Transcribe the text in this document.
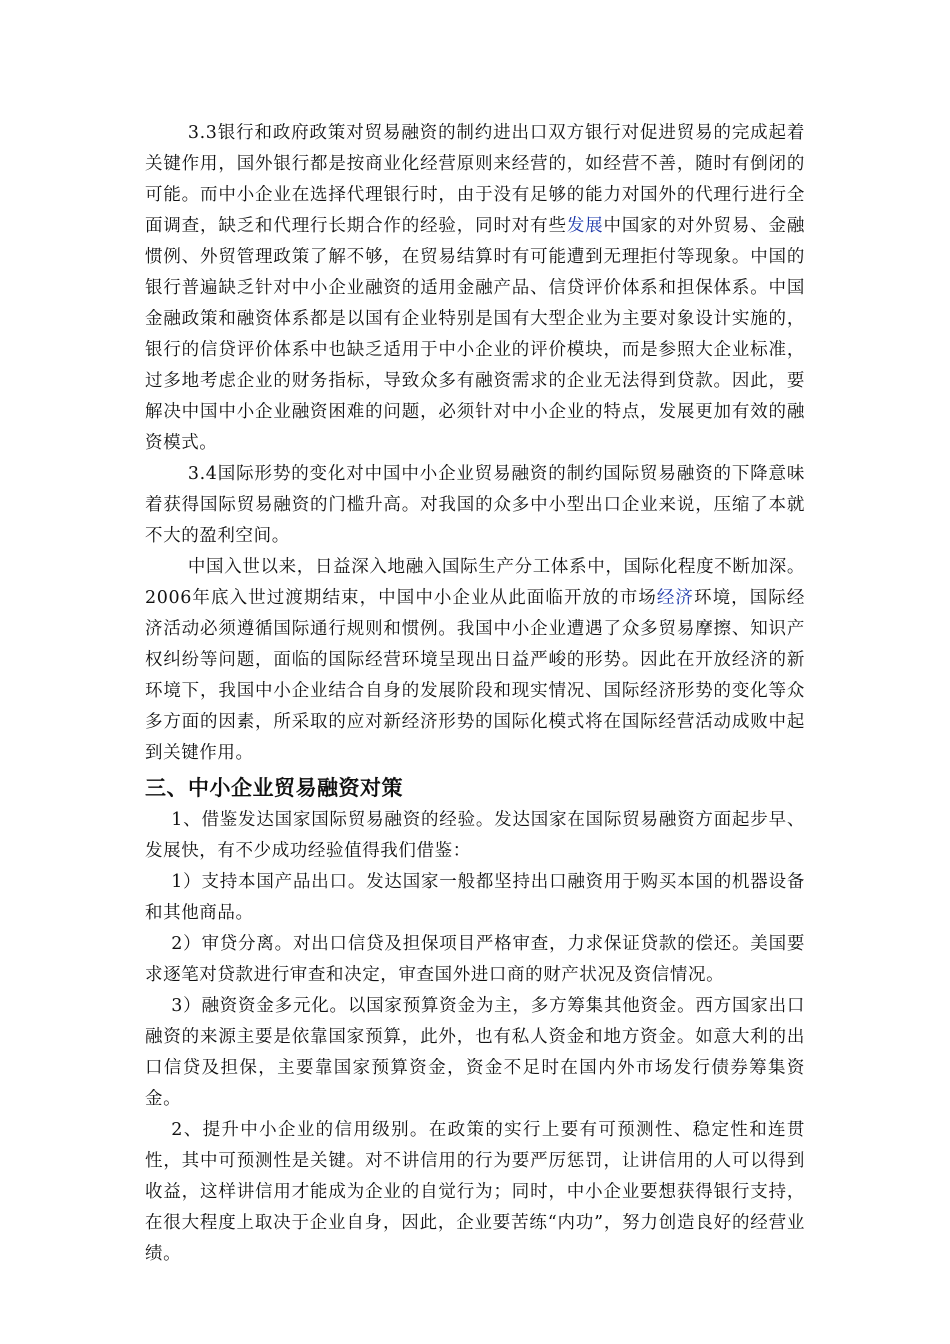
3.3银行和政府政策对贸易融资的制约进出口双方银行对促进贸易的完成起着关键作用，国外银行都是按商业化经营原则来经营的，如经营不善，随时有倒闭的可能。而中小企业在选择代理银行时，由于没有足够的能力对国外的代理行进行全面调查，缺乏和代理行长期合作的经验，同时对有些发展中国家的对外贸易、金融惯例、外贸管理政策了解不够，在贸易结算时有可能遭到无理拒付等现象。中国的银行普遍缺乏针对中小企业融资的适用金融产品、信贷评价体系和担保体系。中国金融政策和融资体系都是以国有企业特别是国有大型企业为主要对象设计实施的，银行的信贷评价体系中也缺乏适用于中小企业的评价模块，而是参照大企业标准，过多地考虑企业的财务指标，导致众多有融资需求的企业无法得到贷款。因此，要解决中国中小企业融资困难的问题，必须针对中小企业的特点，发展更加有效的融资模式。

3.4国际形势的变化对中国中小企业贸易融资的制约国际贸易融资的下降意味着获得国际贸易融资的门槛升高。对我国的众多中小型出口企业来说，压缩了本就不大的盈利空间。

中国入世以来，日益深入地融入国际生产分工体系中，国际化程度不断加深。2006年底入世过渡期结束，中国中小企业从此面临开放的市场经济环境，国际经济活动必须遵循国际通行规则和惯例。我国中小企业遭遇了众多贸易摩擦、知识产权纠纷等问题，面临的国际经营环境呈现出日益严峻的形势。因此在开放经济的新环境下，我国中小企业结合自身的发展阶段和现实情况、国际经济形势的变化等众多方面的因素，所采取的应对新经济形势的国际化模式将在国际经营活动成败中起到关键作用。

三、中小企业贸易融资对策

1、借鉴发达国家国际贸易融资的经验。发达国家在国际贸易融资方面起步早、发展快，有不少成功经验值得我们借鉴：

1）支持本国产品出口。发达国家一般都坚持出口融资用于购买本国的机器设备和其他商品。

2）审贷分离。对出口信贷及担保项目严格审查，力求保证贷款的偿还。美国要求逐笔对贷款进行审查和决定，审查国外进口商的财产状况及资信情况。

3）融资资金多元化。以国家预算资金为主，多方筹集其他资金。西方国家出口融资的来源主要是依靠国家预算，此外，也有私人资金和地方资金。如意大利的出口信贷及担保，主要靠国家预算资金，资金不足时在国内外市场发行债券筹集资金。

2、提升中小企业的信用级别。在政策的实行上要有可预测性、稳定性和连贯性，其中可预测性是关键。对不讲信用的行为要严厉惩罚，让讲信用的人可以得到收益，这样讲信用才能成为企业的自觉行为；同时，中小企业要想获得银行支持，在很大程度上取决于企业自身，因此，企业要苦练“内功”，努力创造良好的经营业绩。
